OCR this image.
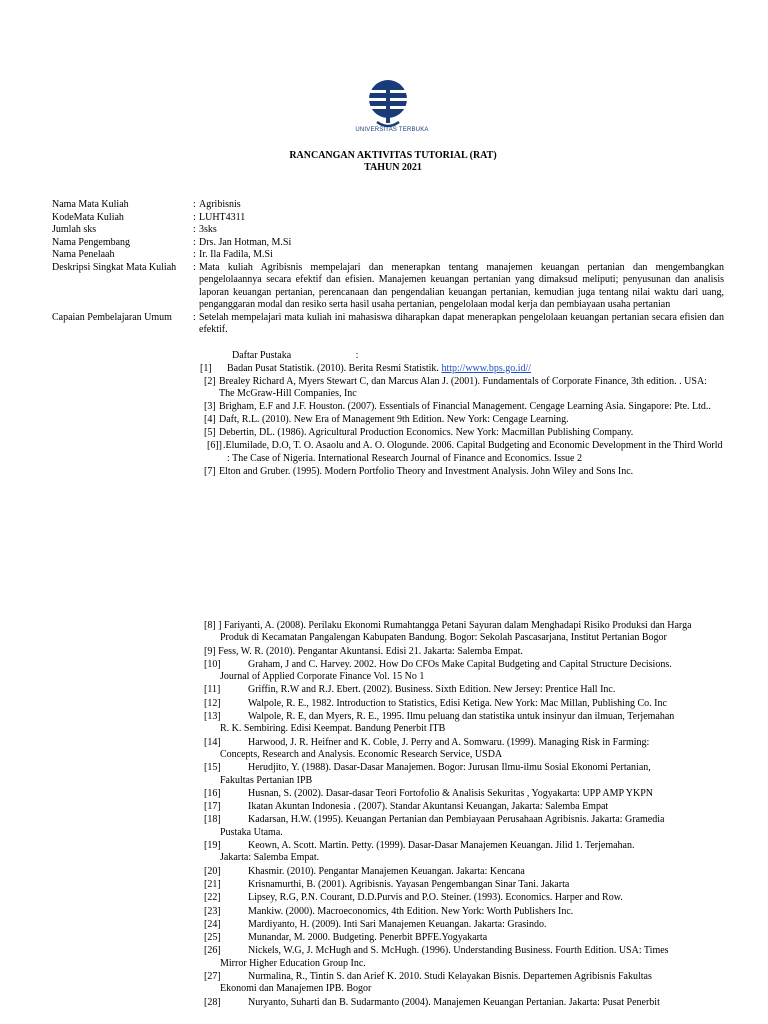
UNIVERSITAS TERBUKA
RANCANGAN AKTIVITAS TUTORIAL (RAT)
TAHUN 2021
Nama Mata Kuliah	: Agribisnis
KodeMata Kuliah	: LUHT4311
Jumlah sks	: 3sks
Nama Pengembang	: Drs. Jan Hotman, M.Si
Nama Penelaah	: Ir. Ila Fadila, M.Si
Deskripsi Singkat Mata Kuliah	: Mata kuliah Agribisnis mempelajari dan menerapkan tentang manajemen keuangan pertanian dan mengembangkan pengelolaannya secara efektif dan efisien. Manajemen keuangan pertanian yang dimaksud meliputi; penyusunan dan analisis laporan keuangan pertanian, perencanaan dan pengendalian keuangan pertanian, kemudian juga tentang nilai waktu dari uang, penganggaran modal dan resiko serta hasil usaha pertanian, pengelolaan modal kerja dan pembiayaan usaha pertanian
Capaian Pembelajaran Umum	: Setelah mempelajari mata kuliah ini mahasiswa diharapkan dapat menerapkan pengelolaan keuangan pertanian secara efisien dan efektif.
Daftar Pustaka	:
[1]	Badan Pusat Statistik. (2010). Berita Resmi Statistik. http://www.bps.go.id//
[2] Brealey Richard A, Myers Stewart C, dan Marcus Alan J. (2001). Fundamentals of Corporate Finance, 3th edition. . USA: The McGraw-Hill Companies, Inc
[3] Brigham, E.F and J.F. Houston. (2007). Essentials of Financial Management. Cengage Learning Asia. Singapore: Pte. Ltd..
[4] Daft, R.L. (2010). New Era of Management 9th Edition. New York: Cengage Learning.
[5] Debertin, DL. (1986). Agricultural Production Economics. New York: Macmillan Publishing Company.
[6]] .Elumilade, D.O, T. O. Asaolu and A. O. Ologunde. 2006. Capital Budgeting and Economic Development in the Third World : The Case of Nigeria. International Research Journal of Finance and Economics. Issue 2
[7] Elton and Gruber. (1995). Modern Portfolio Theory and Investment Analysis. John Wiley and Sons Inc.
[8] ] Fariyanti, A. (2008). Perilaku Ekonomi Rumahtangga Petani Sayuran dalam Menghadapi Risiko Produksi dan Harga Produk di Kecamatan Pangalengan Kabupaten Bandung. Bogor: Sekolah Pascasarjana, Institut Pertanian Bogor
[9] Fess, W. R. (2010). Pengantar Akuntansi. Edisi 21. Jakarta: Salemba Empat.
[10]	Graham, J and C. Harvey. 2002. How Do CFOs Make Capital Budgeting and Capital Structure Decisions.
Journal of Applied Corporate Finance Vol. 15 No 1
[11]	Griffin, R.W and R.J. Ebert. (2002). Business. Sixth Edition. New Jersey: Prentice Hall Inc.
[12]	Walpole, R. E., 1982. Introduction to Statistics, Edisi Ketiga. New York: Mac Millan, Publishing Co. Inc
[13]	Walpole, R. E, dan Myers, R. E., 1995. Ilmu peluang dan statistika untuk insinyur dan ilmuan, Terjemahan
R. K. Sembiring. Edisi Keempat. Bandung Penerbit ITB
[14]	Harwood, J. R. Heifner and K. Coble, J. Perry and A. Somwaru. (1999). Managing Risk in Farming:
Concepts, Research and Analysis. Economic Research Service, USDA
[15]	Herudjito, Y. (1988). Dasar-Dasar Manajemen. Bogor: Jurusan Ilmu-ilmu Sosial Ekonomi Pertanian,
Fakultas Pertanian IPB
[16]	Husnan, S. (2002). Dasar-dasar Teori Fortofolio & Analisis Sekuritas , Yogyakarta: UPP AMP YKPN
[17]	Ikatan Akuntan Indonesia . (2007). Standar Akuntansi Keuangan, Jakarta: Salemba Empat
[18]	Kadarsan, H.W. (1995). Keuangan Pertanian dan Pembiayaan Perusahaan Agribisnis. Jakarta: Gramedia
Pustaka Utama.
[19]	Keown, A. Scott. Martin. Petty. (1999). Dasar-Dasar Manajemen Keuangan. Jilid 1. Terjemahan.
Jakarta: Salemba Empat.
[20]	Khasmir. (2010). Pengantar Manajemen Keuangan. Jakarta: Kencana
[21]	Krisnamurthi, B. (2001). Agribisnis. Yayasan Pengembangan Sinar Tani. Jakarta
[22]	Lipsey, R.G, P.N. Courant, D.D.Purvis and P.O. Steiner. (1993). Economics. Harper and Row.
[23]	Mankiw. (2000). Macroeconomics, 4th Edition. New York: Worth Publishers Inc.
[24]	Mardiyanto, H. (2009). Inti Sari Manajemen Keuangan. Jakarta: Grasindo.
[25]	Munandar, M. 2000. Budgeting. Penerbit BPFE.Yogyakarta
[26]	Nickels, W.G, J. McHugh and S. McHugh. (1996). Understanding Business. Fourth Edition. USA: Times
Mirror Higher Education Group Inc.
[27]	Nurmalina, R., Tintin S. dan Arief K. 2010. Studi Kelayakan Bisnis. Departemen Agribisnis Fakultas
Ekonomi dan Manajemen IPB. Bogor
[28]	Nuryanto, Suharti dan B. Sudarmanto (2004). Manajemen Keuangan Pertanian. Jakarta: Pusat Penerbit
